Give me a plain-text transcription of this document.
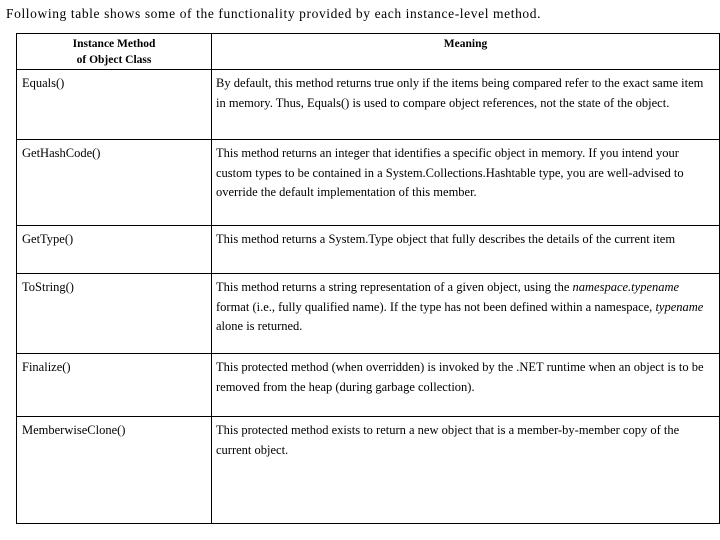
Following table shows some of the functionality provided by each instance-level method.
Instance Method
of Object Class	Meaning
Equals()	By default, this method returns true only if the items being compared refer to the exact same item in memory. Thus, Equals() is used to compare object references, not the state of the object.
GetHashCode()	This method returns an integer that identifies a specific object in memory. If you intend your custom types to be contained in a System.Collections.Hashtable type, you are well-advised to override the default implementation of this member.
GetType()	This method returns a System.Type object that fully describes the details of the current item
ToString()	This method returns a string representation of a given object, using the namespace.typename format (i.e., fully qualified name). If the type has not been defined within a namespace, typename alone is returned.
Finalize()	This protected method (when overridden) is invoked by the .NET runtime when an object is to be removed from the heap (during garbage collection).
MemberwiseClone()	This protected method exists to return a new object that is a member-by-member copy of the current object.
